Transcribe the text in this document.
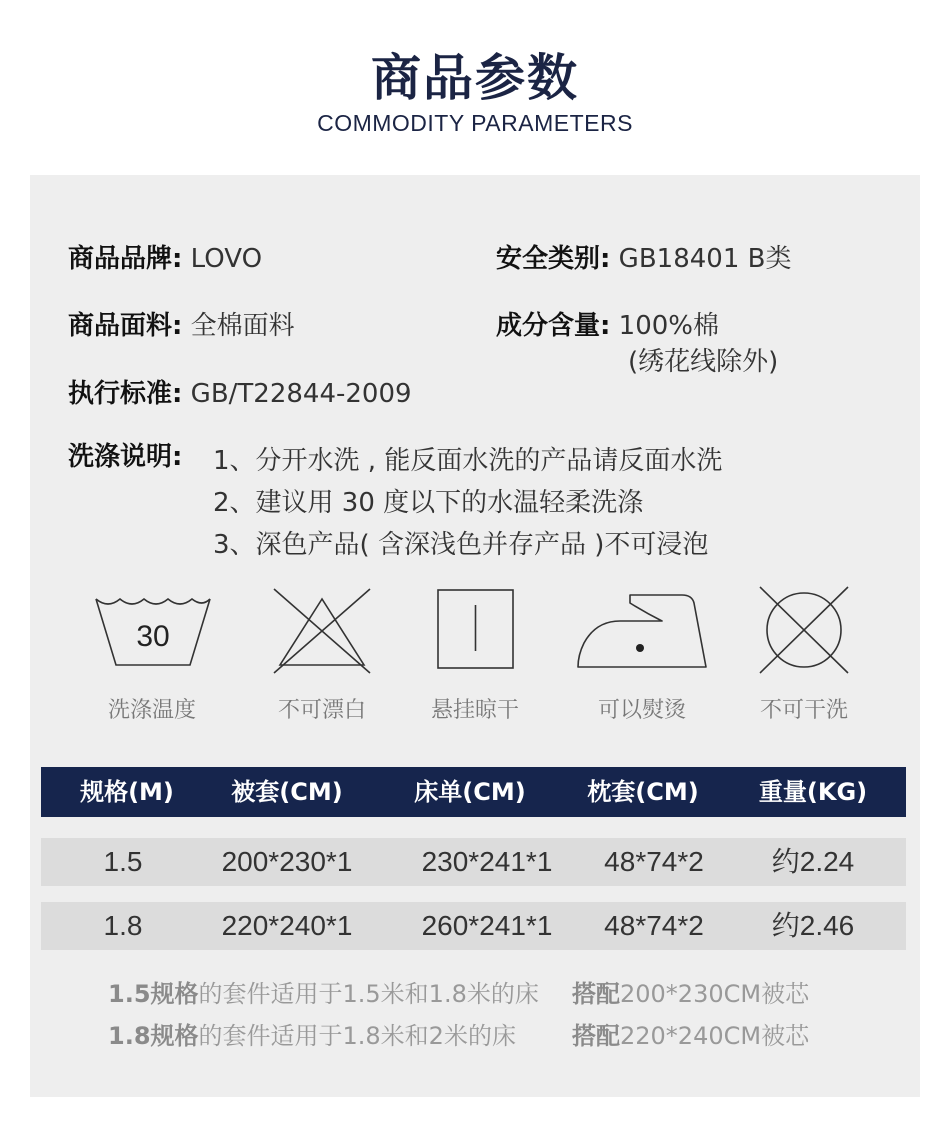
商品参数
COMMODITY PARAMETERS
商品品牌: LOVO	安全类别: GB18401 B类
商品面料: 全棉面料	成分含量: 100%棉
(绣花线除外)
执行标准: GB/T22844-2009
洗涤说明: 1、分开水洗 , 能反面水洗的产品请反面水洗
2、建议用 30 度以下的水温轻柔洗涤
3、深色产品( 含深浅色并存产品 )不可浸泡
30
洗涤温度	不可漂白	悬挂晾干	可以熨烫	不可干洗
规格(M)	被套(CM)	床单(CM)	枕套(CM)	重量(KG)
1.5	200*230*1	230*241*1	48*74*2	约2.24
1.8	220*240*1	260*241*1	48*74*2	约2.46
1.5规格的套件适用于1.5米和1.8米的床 搭配200*230CM被芯
1.8规格的套件适用于1.8米和2米的床 搭配220*240CM被芯
